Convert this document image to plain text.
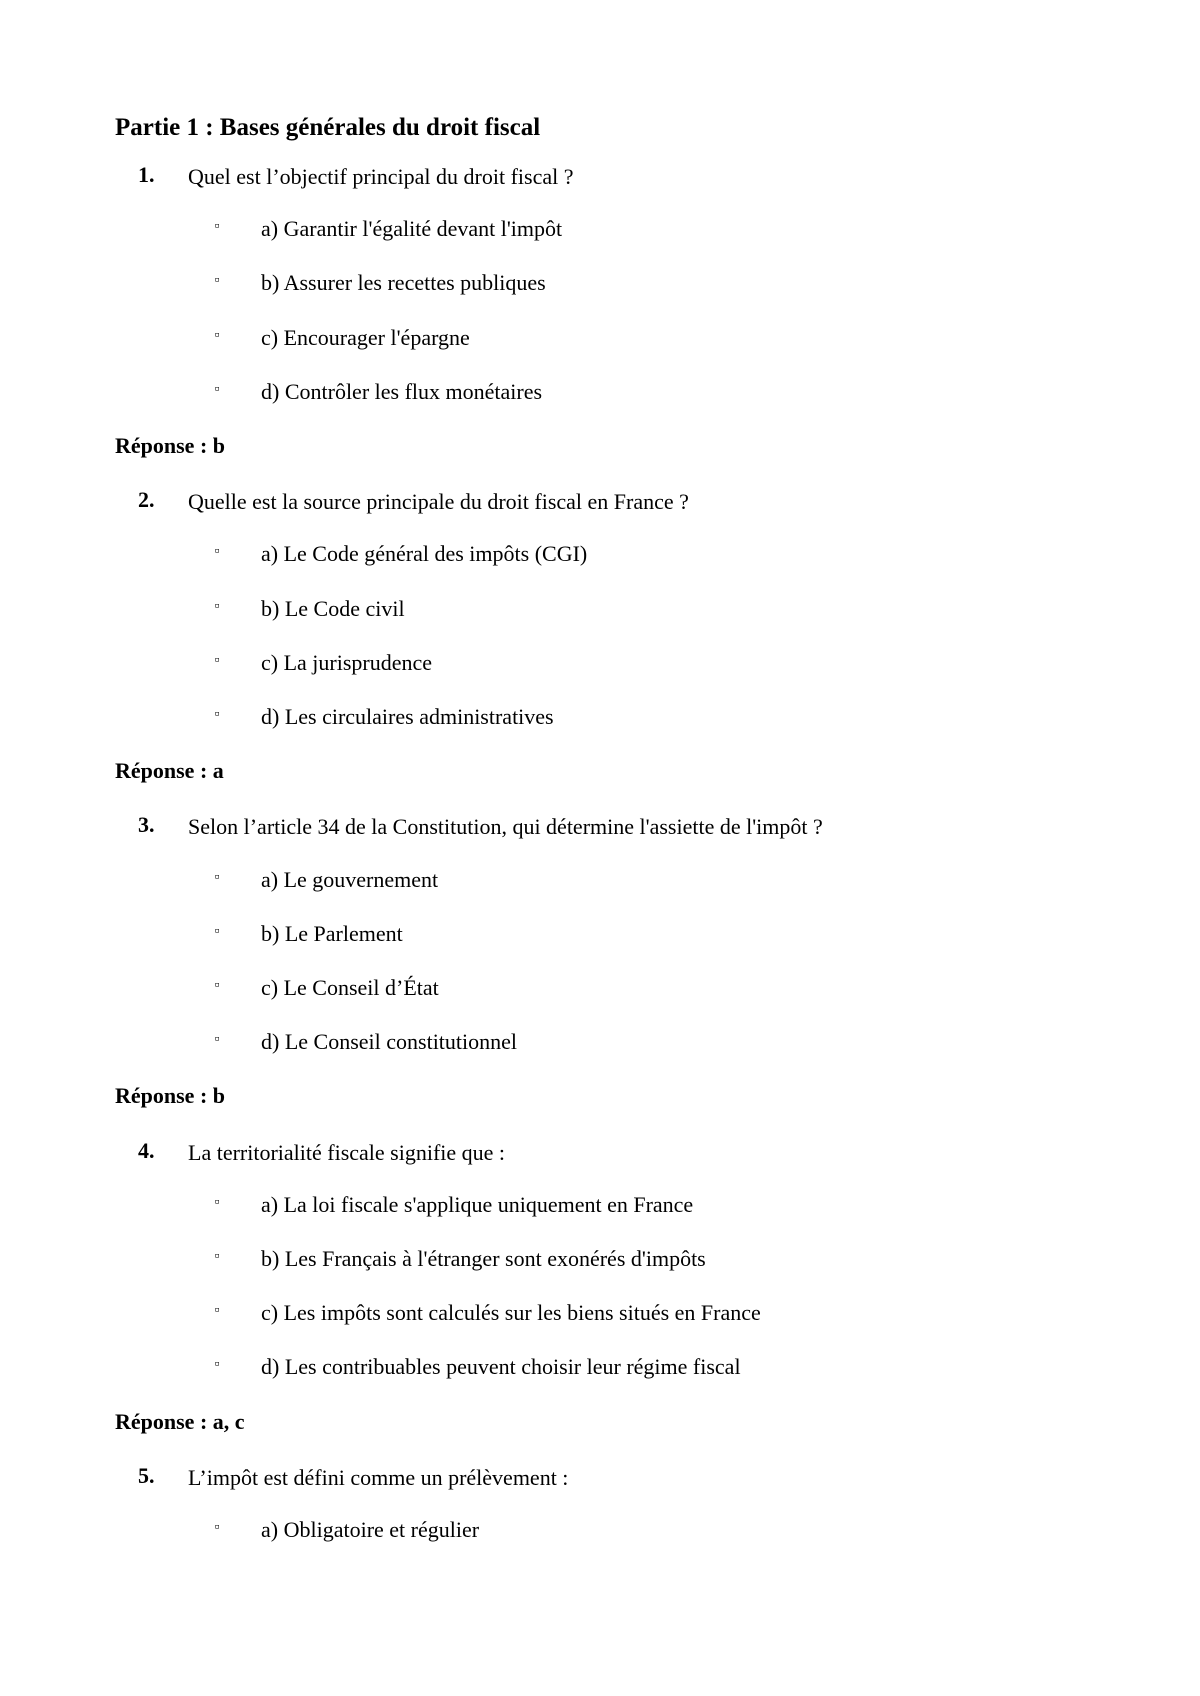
Partie 1 : Bases générales du droit fiscal
1. Quel est l’objectif principal du droit fiscal ?
▫ a) Garantir l'égalité devant l'impôt
▫ b) Assurer les recettes publiques
▫ c) Encourager l'épargne
▫ d) Contrôler les flux monétaires
Réponse : b
2. Quelle est la source principale du droit fiscal en France ?
▫ a) Le Code général des impôts (CGI)
▫ b) Le Code civil
▫ c) La jurisprudence
▫ d) Les circulaires administratives
Réponse : a
3. Selon l’article 34 de la Constitution, qui détermine l'assiette de l'impôt ?
▫ a) Le gouvernement
▫ b) Le Parlement
▫ c) Le Conseil d’État
▫ d) Le Conseil constitutionnel
Réponse : b
4. La territorialité fiscale signifie que :
▫ a) La loi fiscale s'applique uniquement en France
▫ b) Les Français à l'étranger sont exonérés d'impôts
▫ c) Les impôts sont calculés sur les biens situés en France
▫ d) Les contribuables peuvent choisir leur régime fiscal
Réponse : a, c
5. L’impôt est défini comme un prélèvement :
▫ a) Obligatoire et régulier
